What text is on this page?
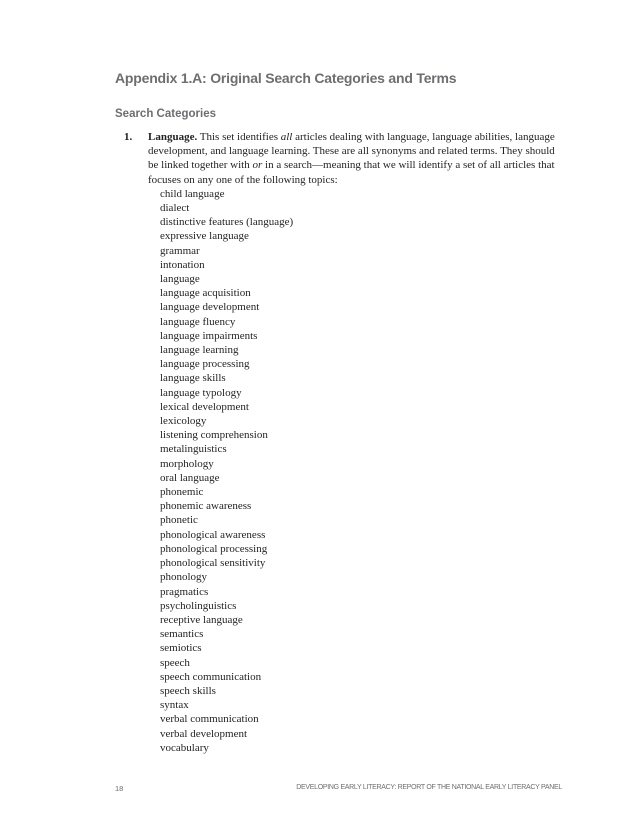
Appendix 1.A: Original Search Categories and Terms
Search Categories
1. Language. This set identifies all articles dealing with language, language abilities, language development, and language learning. These are all synonyms and related terms. They should be linked together with or in a search—meaning that we will identify a set of all articles that focuses on any one of the following topics:
child language
dialect
distinctive features (language)
expressive language
grammar
intonation
language
language acquisition
language development
language fluency
language impairments
language learning
language processing
language skills
language typology
lexical development
lexicology
listening comprehension
metalinguistics
morphology
oral language
phonemic
phonemic awareness
phonetic
phonological awareness
phonological processing
phonological sensitivity
phonology
pragmatics
psycholinguistics
receptive language
semantics
semiotics
speech
speech communication
speech skills
syntax
verbal communication
verbal development
vocabulary
18	DEVELOPING EARLY LITERACY: REPORT OF THE NATIONAL EARLY LITERACY PANEL
